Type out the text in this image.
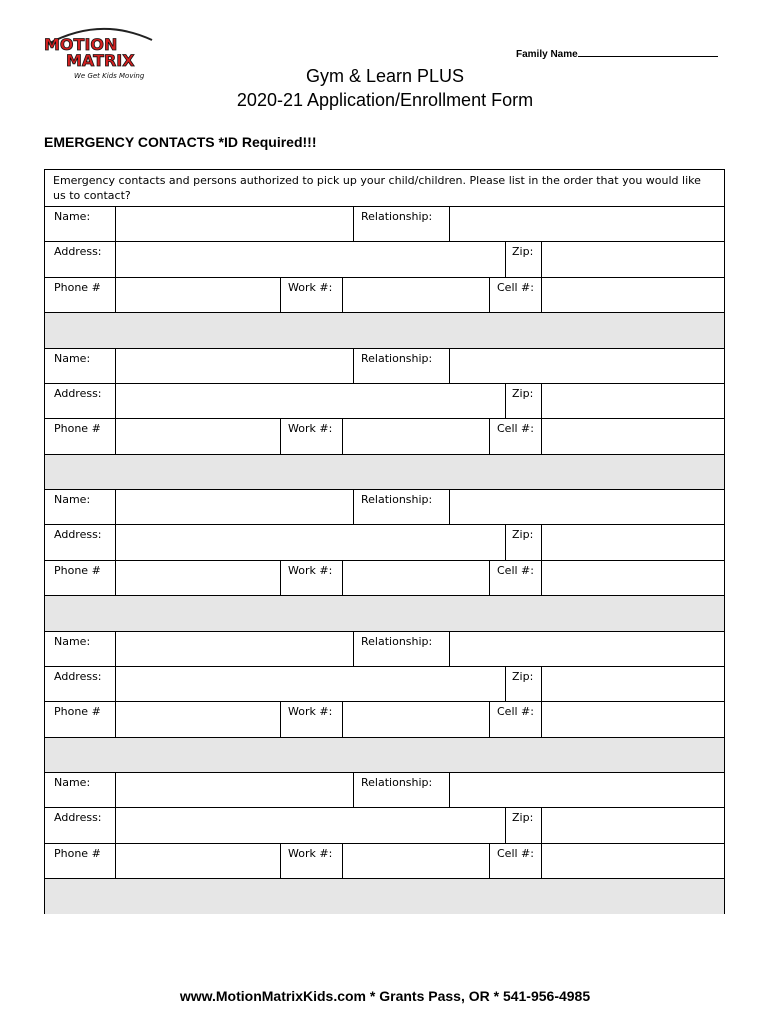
MOTION
MATRIX
We Get Kids Moving
Family Name
Gym & Learn PLUS
2020-21 Application/Enrollment Form
EMERGENCY CONTACTS *ID Required!!!
Emergency contacts and persons authorized to pick up your child/children. Please list in the order that you would like us to contact?
Name:	Relationship:
Address:	Zip:
Phone #	Work #:	Cell #:
Name:	Relationship:
Address:	Zip:
Phone #	Work #:	Cell #:
Name:	Relationship:
Address:	Zip:
Phone #	Work #:	Cell #:
Name:	Relationship:
Address:	Zip:
Phone #	Work #:	Cell #:
Name:	Relationship:
Address:	Zip:
Phone #	Work #:	Cell #:
www.MotionMatrixKids.com * Grants Pass, OR * 541-956-4985
